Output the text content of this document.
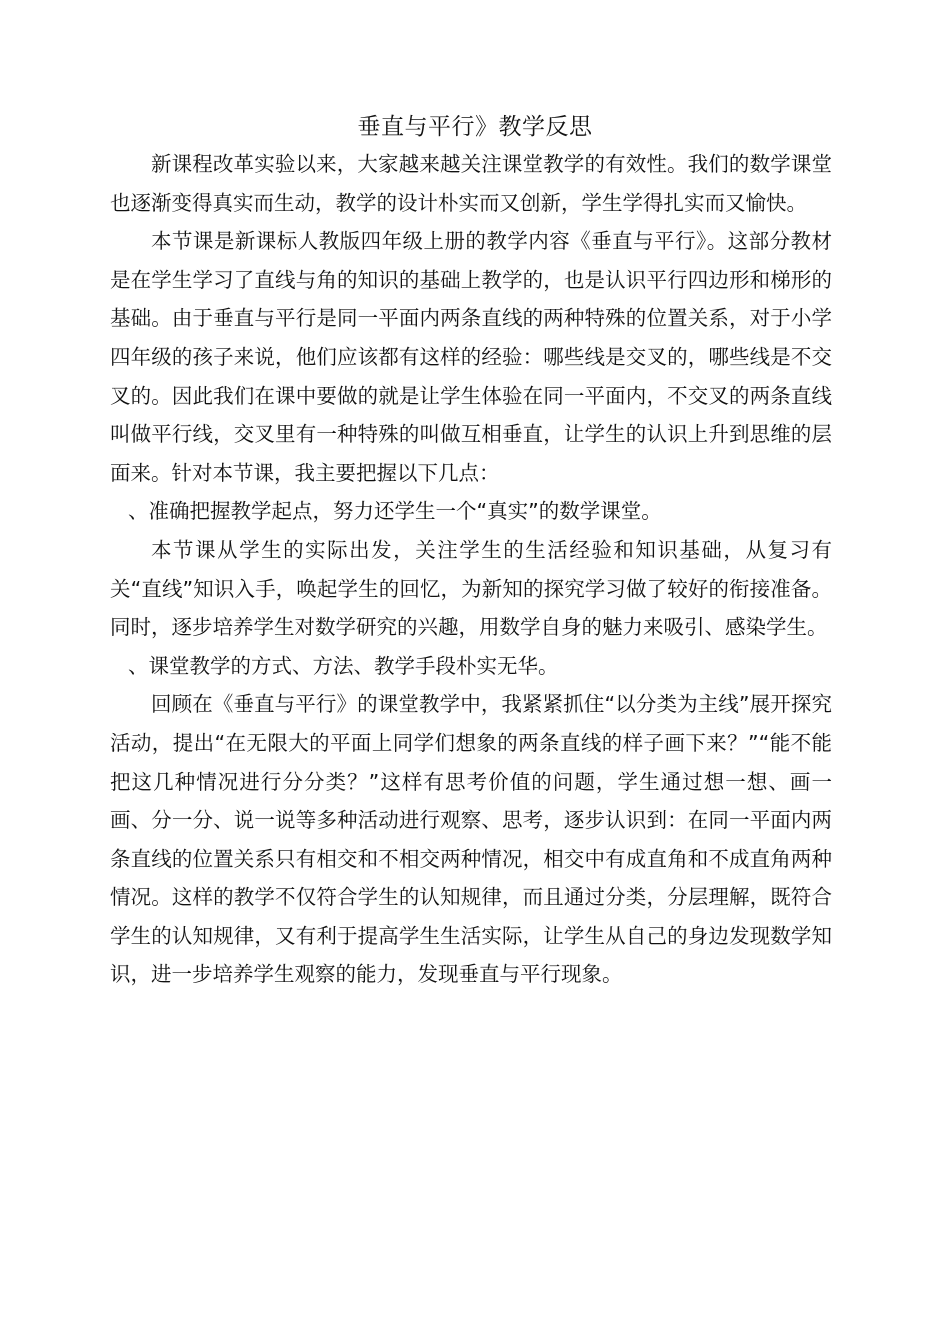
垂直与平行》教学反思

新课程改革实验以来，大家越来越关注课堂教学的有效性。我们的数学课堂也逐渐变得真实而生动，教学的设计朴实而又创新，学生学得扎实而又愉快。

本节课是新课标人教版四年级上册的教学内容《垂直与平行》。这部分教材是在学生学习了直线与角的知识的基础上教学的，也是认识平行四边形和梯形的基础。由于垂直与平行是同一平面内两条直线的两种特殊的位置关系，对于小学四年级的孩子来说，他们应该都有这样的经验：哪些线是交叉的，哪些线是不交叉的。因此我们在课中要做的就是让学生体验在同一平面内，不交叉的两条直线叫做平行线，交叉里有一种特殊的叫做互相垂直，让学生的认识上升到思维的层面来。针对本节课，我主要把握以下几点：

、准确把握教学起点，努力还学生一个“真实”的数学课堂。

本节课从学生的实际出发，关注学生的生活经验和知识基础，从复习有关“直线”知识入手，唤起学生的回忆，为新知的探究学习做了较好的衔接准备。同时，逐步培养学生对数学研究的兴趣，用数学自身的魅力来吸引、感染学生。

、课堂教学的方式、方法、教学手段朴实无华。

回顾在《垂直与平行》的课堂教学中，我紧紧抓住“以分类为主线”展开探究活动，提出“在无限大的平面上同学们想象的两条直线的样子画下来？”“能不能把这几种情况进行分分类？”这样有思考价值的问题，学生通过想一想、画一画、分一分、说一说等多种活动进行观察、思考，逐步认识到：在同一平面内两条直线的位置关系只有相交和不相交两种情况，相交中有成直角和不成直角两种情况。这样的教学不仅符合学生的认知规律，而且通过分类，分层理解，既符合学生的认知规律，又有利于提高学生生活实际，让学生从自己的身边发现数学知识，进一步培养学生观察的能力，发现垂直与平行现象。
